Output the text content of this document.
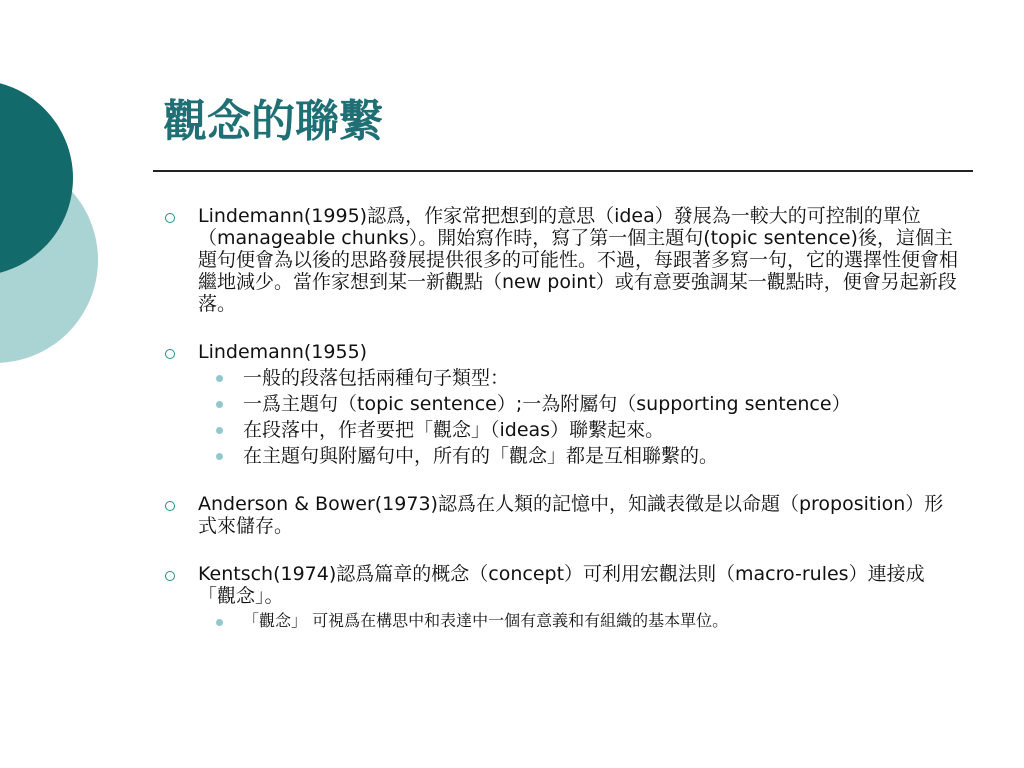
觀念的聯繫
Lindemann(1995)認爲，作家常把想到的意思（idea）發展為一較大的可控制的單位（manageable chunks）。開始寫作時，寫了第一個主題句(topic sentence)後，這個主題句便會為以後的思路發展提供很多的可能性。不過，每跟著多寫一句，它的選擇性便會相繼地減少。當作家想到某一新觀點（new point）或有意要強調某一觀點時，便會另起新段落。
Lindemann(1955)
一般的段落包括兩種句子類型：
一爲主題句（topic sentence）;一為附屬句（supporting sentence）
在段落中，作者要把「觀念」（ideas）聯繫起來。
在主題句與附屬句中，所有的「觀念」都是互相聯繫的。
Anderson & Bower(1973)認爲在人類的記憶中，知識表徵是以命題（proposition）形式來儲存。
Kentsch(1974)認爲篇章的概念（concept）可利用宏觀法則（macro-rules）連接成「觀念」。
「觀念」 可視爲在構思中和表達中一個有意義和有組織的基本單位。
